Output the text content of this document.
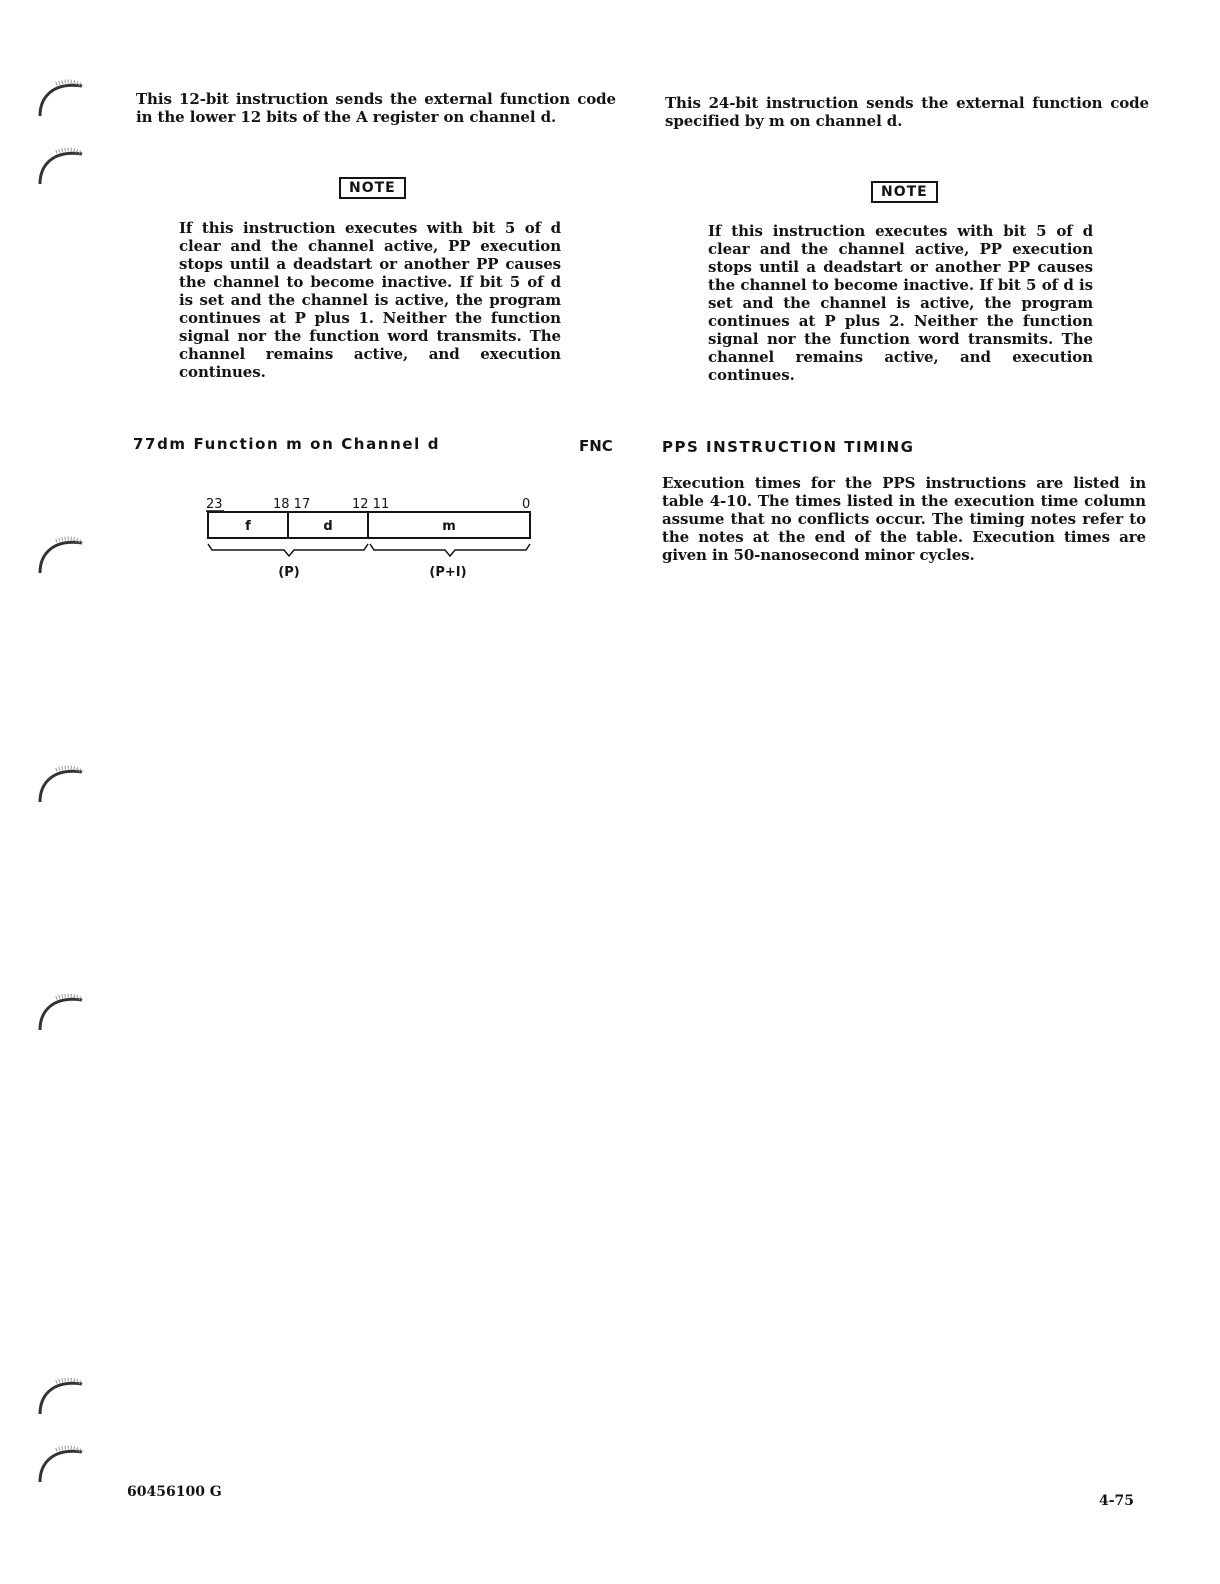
This 12-bit instruction sends the external function code in the lower 12 bits of the A register on channel d.
NOTE
If this instruction executes with bit 5 of d clear and the channel active, PP execution stops until a deadstart or another PP causes the channel to become inactive. If bit 5 of d is set and the channel is active, the program continues at P plus 1. Neither the function signal nor the function word transmits. The channel remains active, and execution continues.
77dm Function m on Channel d	FNC
23	18 17	12 11	0
f	d	m
(P)	(P+I)
This 24-bit instruction sends the external function code specified by m on channel d.
NOTE
If this instruction executes with bit 5 of d clear and the channel active, PP execution stops until a deadstart or another PP causes the channel to become inactive. If bit 5 of d is set and the channel is active, the program continues at P plus 2. Neither the function signal nor the function word transmits. The channel remains active, and execution continues.
PPS INSTRUCTION TIMING
Execution times for the PPS instructions are listed in table 4-10. The times listed in the execution time column assume that no conflicts occur. The timing notes refer to the notes at the end of the table. Execution times are given in 50-nanosecond minor cycles.
60456100 G
4-75
